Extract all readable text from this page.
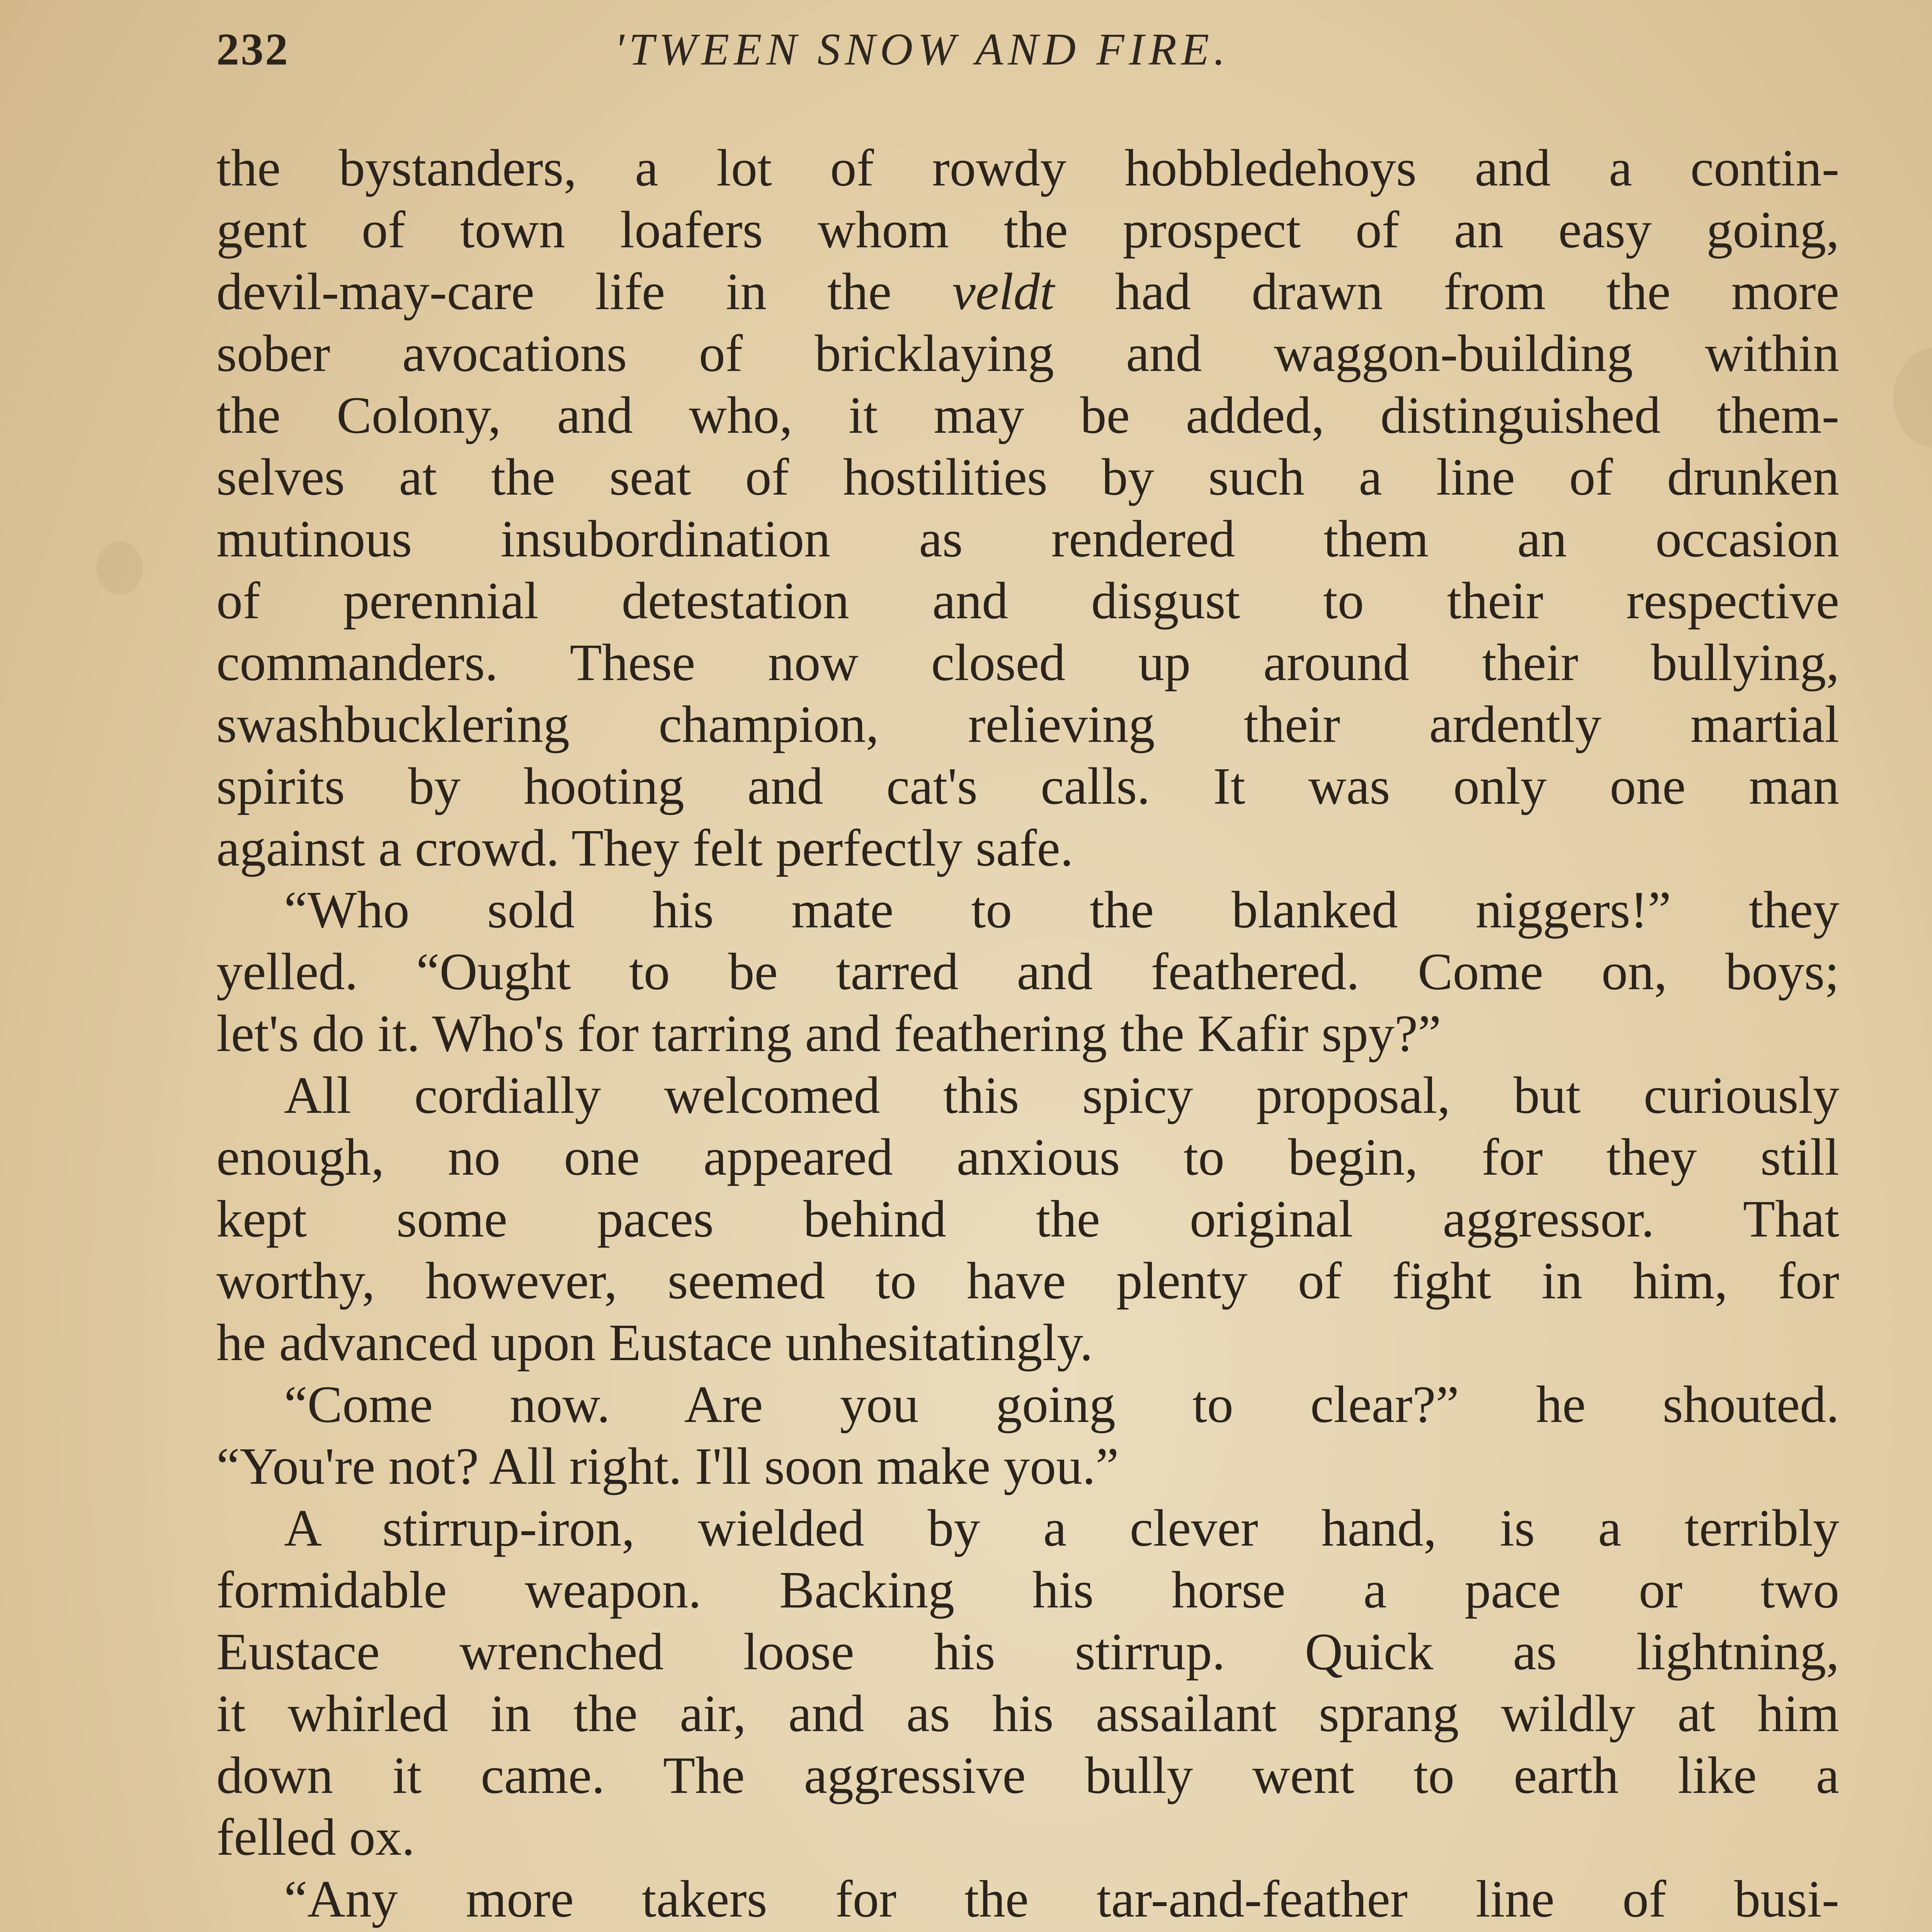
232	'TWEEN SNOW AND FIRE.
the bystanders, a lot of rowdy hobbledehoys and a contin-
gent of town loafers whom the prospect of an easy going,
devil-may-care life in the veldt had drawn from the more
sober avocations of bricklaying and waggon-building within
the Colony, and who, it may be added, distinguished them-
selves at the seat of hostilities by such a line of drunken
mutinous insubordination as rendered them an occasion
of perennial detestation and disgust to their respective
commanders. These now closed up around their bullying,
swashbucklering champion, relieving their ardently martial
spirits by hooting and cat's calls. It was only one man
against a crowd. They felt perfectly safe.
“Who sold his mate to the blanked niggers!” they
yelled. “Ought to be tarred and feathered. Come on, boys;
let's do it. Who's for tarring and feathering the Kafir spy?”
All cordially welcomed this spicy proposal, but curiously
enough, no one appeared anxious to begin, for they still
kept some paces behind the original aggressor. That
worthy, however, seemed to have plenty of fight in him, for
he advanced upon Eustace unhesitatingly.
“Come now. Are you going to clear?” he shouted.
“You're not? All right. I'll soon make you.”
A stirrup-iron, wielded by a clever hand, is a terribly
formidable weapon. Backing his horse a pace or two
Eustace wrenched loose his stirrup. Quick as lightning,
it whirled in the air, and as his assailant sprang wildly at him
down it came. The aggressive bully went to earth like a
felled ox.
“Any more takers for the tar-and-feather line of busi-
